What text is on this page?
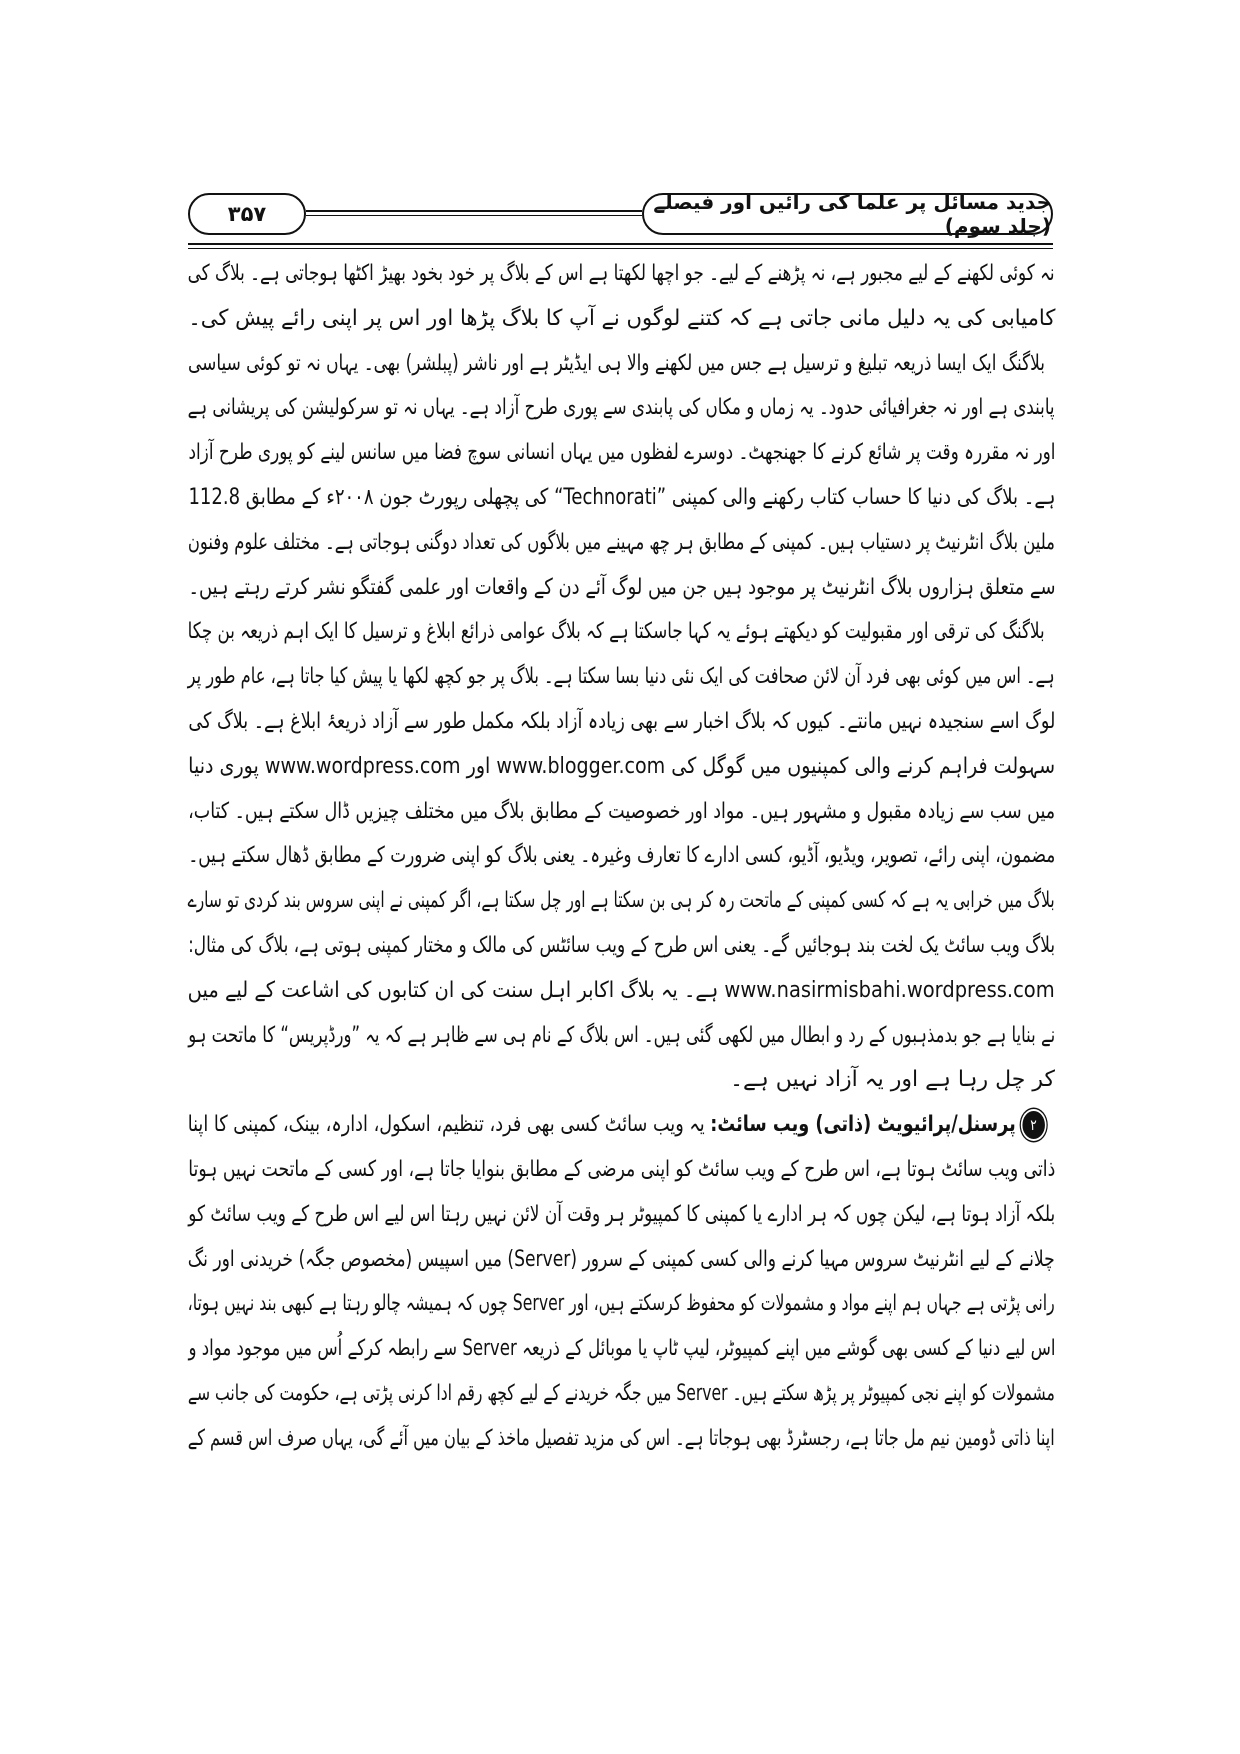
جدید مسائل پر علما کی رائیں اور فیصلے (جلد سوم)
۳۵۷
نہ کوئی لکھنے کے لیے مجبور ہے، نہ پڑھنے کے لیے۔ جو اچھا لکھتا ہے اس کے بلاگ پر خود بخود بھیڑ اکٹھا ہوجاتی ہے۔ بلاگ کی
کامیابی کی یہ دلیل مانی جاتی ہے کہ کتنے لوگوں نے آپ کا بلاگ پڑھا اور اس پر اپنی رائے پیش کی۔
بلاگنگ ایک ایسا ذریعہ تبلیغ و ترسیل ہے جس میں لکھنے والا ہی ایڈیٹر ہے اور ناشر (پبلشر) بھی۔ یہاں نہ تو کوئی سیاسی
پابندی ہے اور نہ جغرافیائی حدود۔ یہ زماں و مکاں کی پابندی سے پوری طرح آزاد ہے۔ یہاں نہ تو سرکولیشن کی پریشانی ہے
اور نہ مقررہ وقت پر شائع کرنے کا جھنجھٹ۔ دوسرے لفظوں میں یہاں انسانی سوچ فضا میں سانس لینے کو پوری طرح آزاد
ہے۔ بلاگ کی دنیا کا حساب کتاب رکھنے والی کمپنی ”Technorati“ کی پچھلی رپورٹ جون ۲۰۰۸ء کے مطابق 112.8
ملین بلاگ انٹرنیٹ پر دستیاب ہیں۔ کمپنی کے مطابق ہر چھ مہینے میں بلاگوں کی تعداد دوگنی ہوجاتی ہے۔ مختلف علوم وفنون
سے متعلق ہزاروں بلاگ انٹرنیٹ پر موجود ہیں جن میں لوگ آئے دن کے واقعات اور علمی گفتگو نشر کرتے رہتے ہیں۔
بلاگنگ کی ترقی اور مقبولیت کو دیکھتے ہوئے یہ کہا جاسکتا ہے کہ بلاگ عوامی ذرائع ابلاغ و ترسیل کا ایک اہم ذریعہ بن چکا
ہے۔ اس میں کوئی بھی فرد آن لائن صحافت کی ایک نئی دنیا بسا سکتا ہے۔ بلاگ پر جو کچھ لکھا یا پیش کیا جاتا ہے، عام طور پر
لوگ اسے سنجیدہ نہیں مانتے۔ کیوں کہ بلاگ اخبار سے بھی زیادہ آزاد بلکہ مکمل طور سے آزاد ذریعۂ ابلاغ ہے۔ بلاگ کی
سہولت فراہم کرنے والی کمپنیوں میں گوگل کی www.blogger.com اور www.wordpress.com پوری دنیا
میں سب سے زیادہ مقبول و مشہور ہیں۔ مواد اور خصوصیت کے مطابق بلاگ میں مختلف چیزیں ڈال سکتے ہیں۔ کتاب،
مضمون، اپنی رائے، تصویر، ویڈیو، آڈیو، کسی ادارے کا تعارف وغیرہ۔ یعنی بلاگ کو اپنی ضرورت کے مطابق ڈھال سکتے ہیں۔
بلاگ میں خرابی یہ ہے کہ کسی کمپنی کے ماتحت رہ کر ہی بن سکتا ہے اور چل سکتا ہے، اگر کمپنی نے اپنی سروس بند کردی تو سارے
بلاگ ویب سائٹ یک لخت بند ہوجائیں گے۔ یعنی اس طرح کے ویب سائٹس کی مالک و مختار کمپنی ہوتی ہے، بلاگ کی مثال:
www.nasirmisbahi.wordpress.com ہے۔ یہ بلاگ اکابر اہل سنت کی ان کتابوں کی اشاعت کے لیے میں
نے بنایا ہے جو بدمذہبوں کے رد و ابطال میں لکھی گئی ہیں۔ اس بلاگ کے نام ہی سے ظاہر ہے کہ یہ ”ورڈپریس“ کا ماتحت ہو
کر چل رہا ہے اور یہ آزاد نہیں ہے۔
۲پرسنل/پرائیویٹ (ذاتی) ویب سائٹ: یہ ویب سائٹ کسی بھی فرد، تنظیم، اسکول، ادارہ، بینک، کمپنی کا اپنا
ذاتی ویب سائٹ ہوتا ہے، اس طرح کے ویب سائٹ کو اپنی مرضی کے مطابق بنوایا جاتا ہے، اور کسی کے ماتحت نہیں ہوتا
بلکہ آزاد ہوتا ہے، لیکن چوں کہ ہر ادارے یا کمپنی کا کمپیوٹر ہر وقت آن لائن نہیں رہتا اس لیے اس طرح کے ویب سائٹ کو
چلانے کے لیے انٹرنیٹ سروس مہیا کرنے والی کسی کمپنی کے سرور (Server) میں اسپیس (مخصوص جگہ) خریدنی اور نگ
رانی پڑتی ہے جہاں ہم اپنے مواد و مشمولات کو محفوظ کرسکتے ہیں، اور Server چوں کہ ہمیشہ چالو رہتا ہے کبھی بند نہیں ہوتا،
اس لیے دنیا کے کسی بھی گوشے میں اپنے کمپیوٹر، لیپ ٹاپ یا موبائل کے ذریعہ Server سے رابطہ کرکے اُس میں موجود مواد و
مشمولات کو اپنے نجی کمپیوٹر پر پڑھ سکتے ہیں۔ Server میں جگہ خریدنے کے لیے کچھ رقم ادا کرنی پڑتی ہے، حکومت کی جانب سے
اپنا ذاتی ڈومین نیم مل جاتا ہے، رجسٹرڈ بھی ہوجاتا ہے۔ اس کی مزید تفصیل ماخذ کے بیان میں آئے گی، یہاں صرف اس قسم کے
